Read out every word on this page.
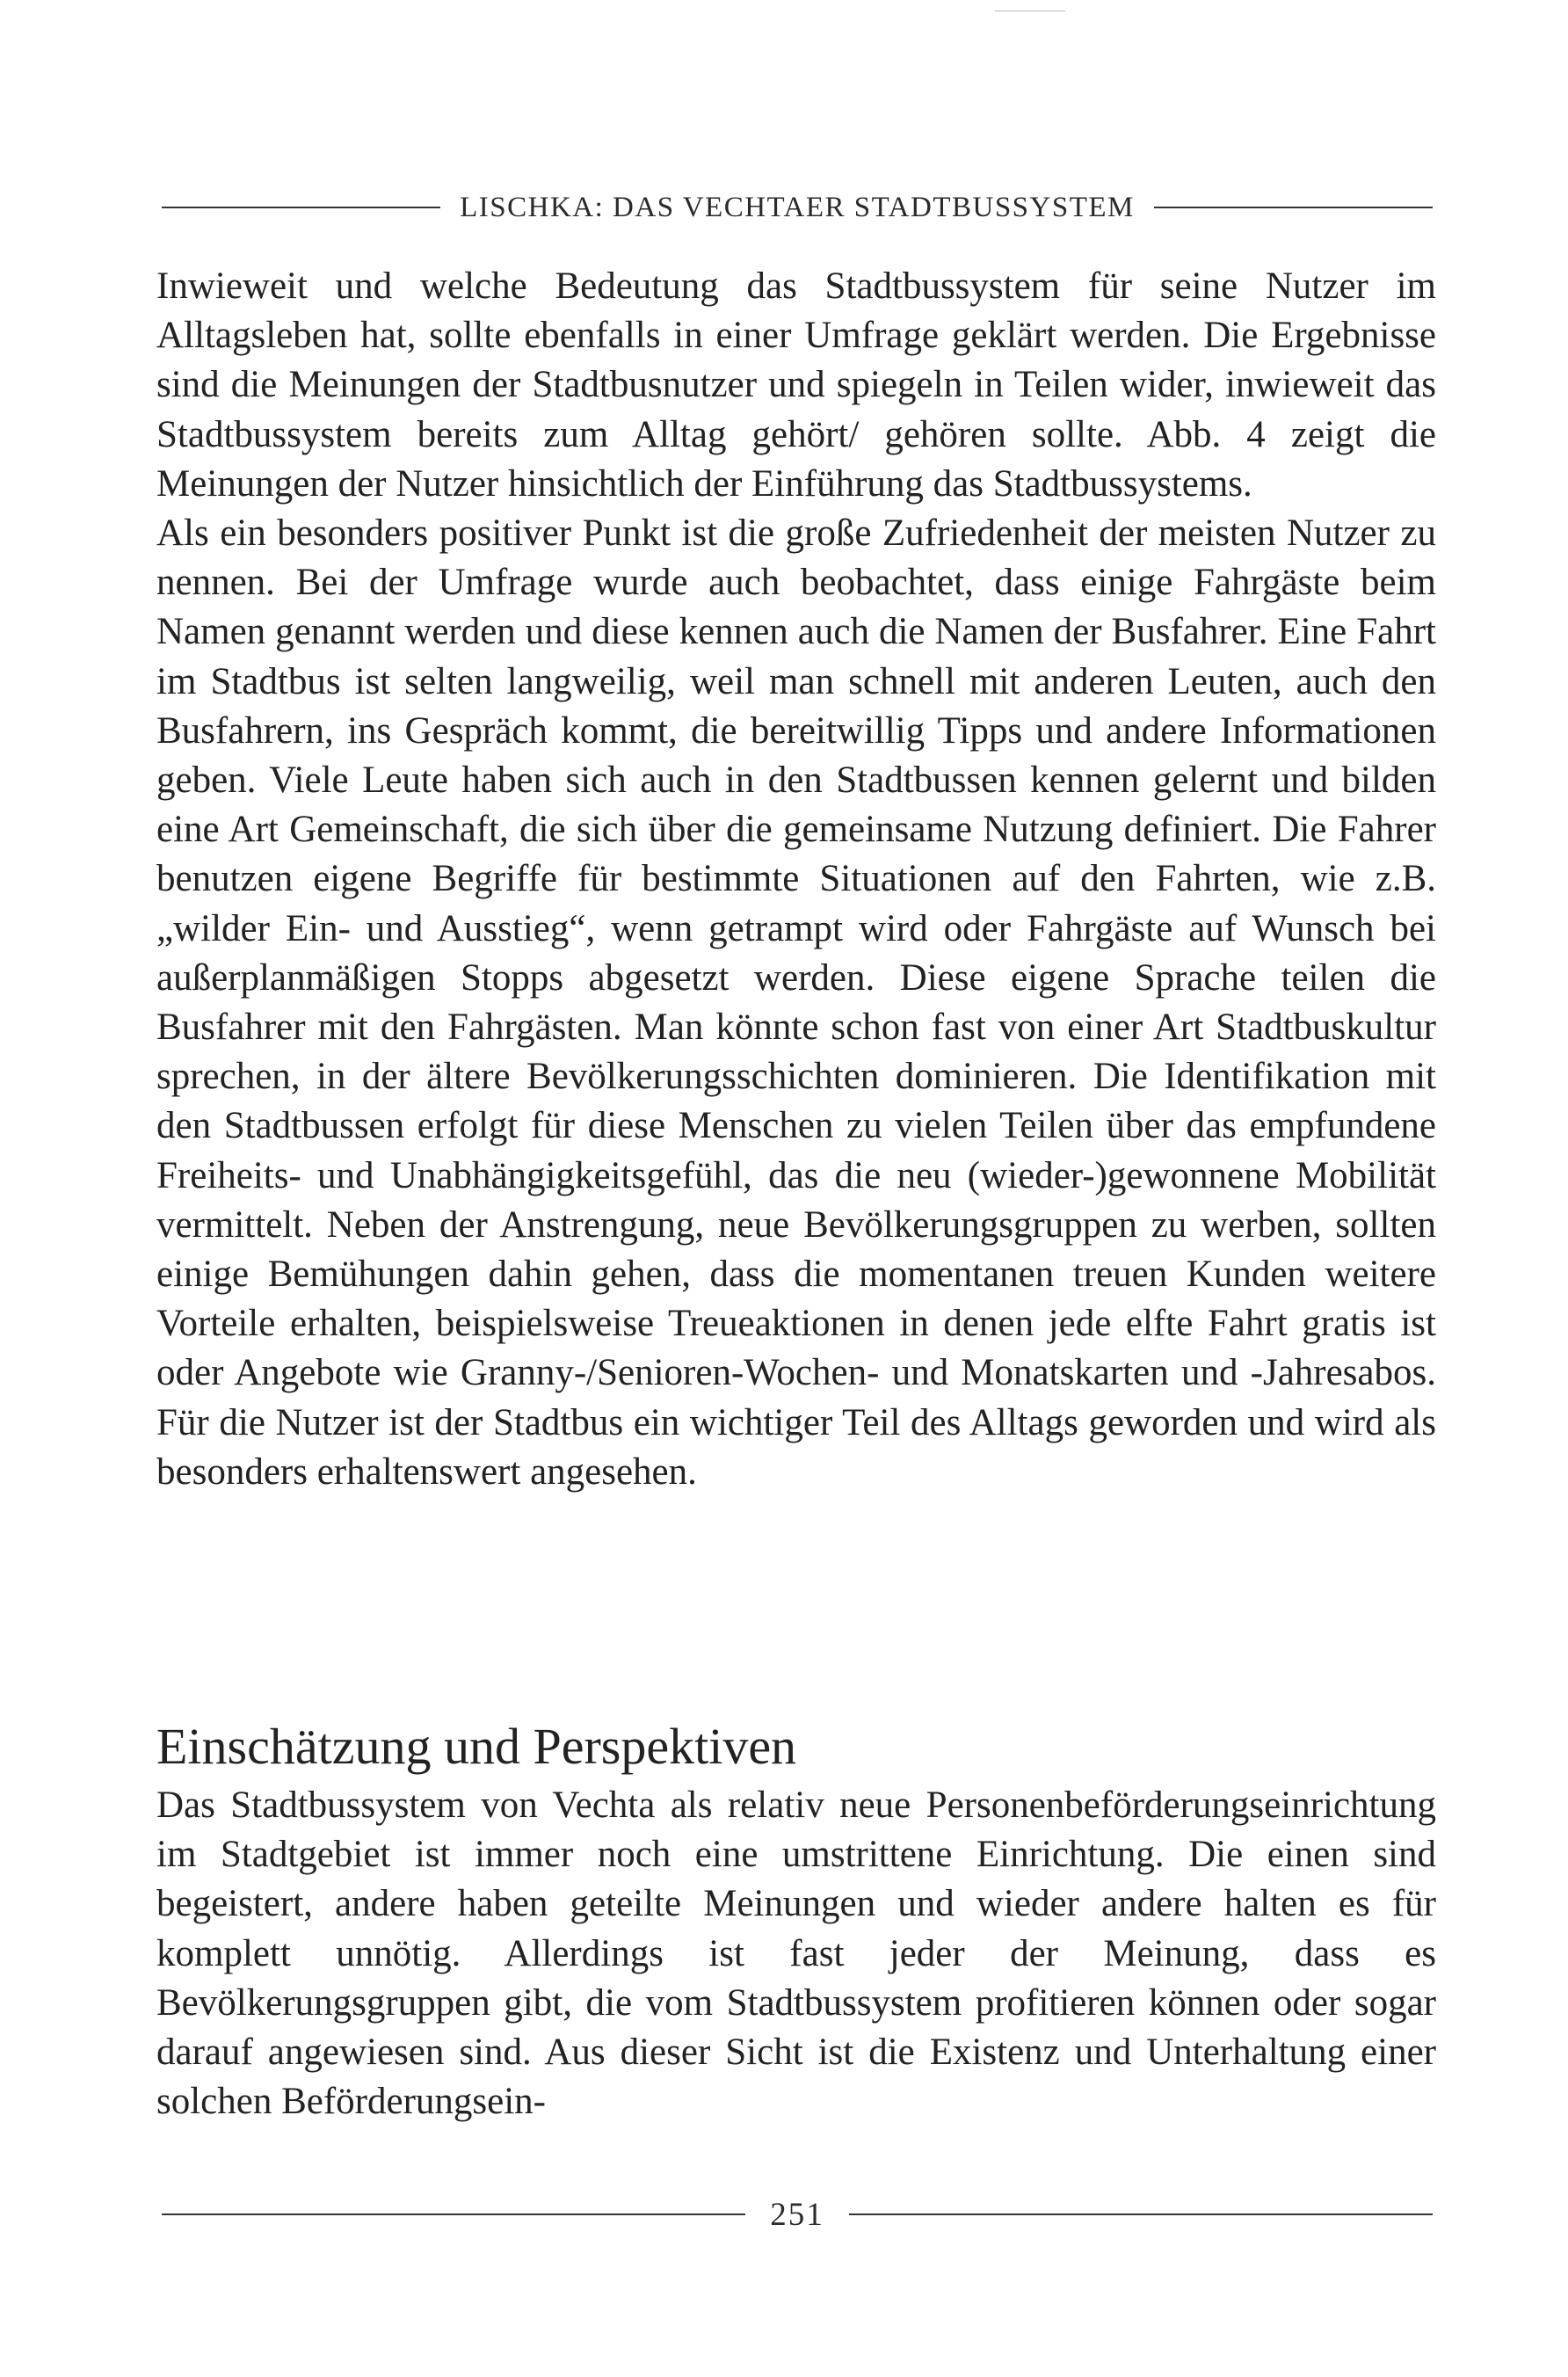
LISCHKA: DAS VECHTAER STADTBUSSYSTEM

Inwieweit und welche Bedeutung das Stadtbussystem für seine Nutzer im Alltagsleben hat, sollte ebenfalls in einer Umfrage geklärt werden. Die Ergebnisse sind die Meinungen der Stadtbusnutzer und spiegeln in Teilen wider, inwieweit das Stadtbussystem bereits zum Alltag gehört/ gehören sollte. Abb. 4 zeigt die Meinungen der Nutzer hinsichtlich der Einführung das Stadtbussystems.

Als ein besonders positiver Punkt ist die große Zufriedenheit der meisten Nutzer zu nennen. Bei der Umfrage wurde auch beobachtet, dass einige Fahrgäste beim Namen genannt werden und diese kennen auch die Namen der Busfahrer. Eine Fahrt im Stadtbus ist selten langweilig, weil man schnell mit anderen Leuten, auch den Busfahrern, ins Gespräch kommt, die bereitwillig Tipps und andere Informationen geben. Viele Leute haben sich auch in den Stadtbussen kennen gelernt und bilden eine Art Gemeinschaft, die sich über die gemeinsame Nutzung definiert. Die Fahrer benutzen eigene Begriffe für bestimmte Situationen auf den Fahrten, wie z.B. „wilder Ein- und Ausstieg“, wenn getrampt wird oder Fahrgäste auf Wunsch bei außerplanmäßigen Stopps abgesetzt werden. Diese eigene Sprache teilen die Busfahrer mit den Fahrgästen. Man könnte schon fast von einer Art Stadtbuskultur sprechen, in der ältere Bevölkerungsschichten dominieren. Die Identifikation mit den Stadtbussen erfolgt für diese Menschen zu vielen Teilen über das empfundene Freiheits- und Unabhängigkeitsgefühl, das die neu (wieder-)gewonnene Mobilität vermittelt. Neben der Anstrengung, neue Bevölkerungsgruppen zu werben, sollten einige Bemühungen dahin gehen, dass die momentanen treuen Kunden weitere Vorteile erhalten, beispielsweise Treueaktionen in denen jede elfte Fahrt gratis ist oder Angebote wie Granny-/Senioren-Wochen- und Monatskarten und -Jahresabos. Für die Nutzer ist der Stadtbus ein wichtiger Teil des Alltags geworden und wird als besonders erhaltenswert angesehen.

Einschätzung und Perspektiven

Das Stadtbussystem von Vechta als relativ neue Personenbeförderungseinrichtung im Stadtgebiet ist immer noch eine umstrittene Einrichtung. Die einen sind begeistert, andere haben geteilte Meinungen und wieder andere halten es für komplett unnötig. Allerdings ist fast jeder der Meinung, dass es Bevölkerungsgruppen gibt, die vom Stadtbussystem profitieren können oder sogar darauf angewiesen sind. Aus dieser Sicht ist die Existenz und Unterhaltung einer solchen Beförderungsein-

251
